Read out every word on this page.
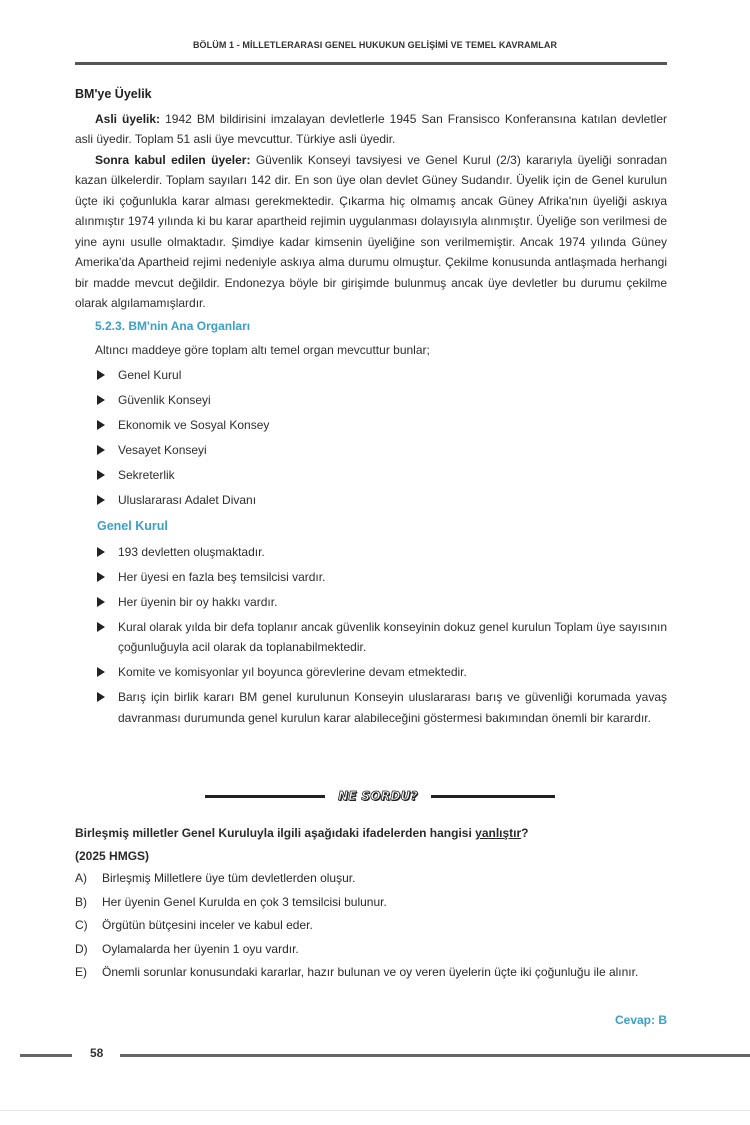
BÖLÜM 1 - MİLLETLERARASI GENEL HUKUKUN GELİŞİMİ VE TEMEL KAVRAMLAR
BM'ye Üyelik

Asli üyelik: 1942 BM bildirisini imzalayan devletlerle 1945 San Fransisco Konferansına katılan devletler asli üyedir. Toplam 51 asli üye mevcuttur. Türkiye asli üyedir.

Sonra kabul edilen üyeler: Güvenlik Konseyi tavsiyesi ve Genel Kurul (2/3) kararıyla üyeliği sonradan kazan ülkelerdir. Toplam sayıları 142 dir. En son üye olan devlet Güney Sudandır. Üyelik için de Genel kurulun üçte iki çoğunlukla karar alması gerekmektedir. Çıkarma hiç olmamış ancak Güney Afrika'nın üyeliği askıya alınmıştır 1974 yılında ki bu karar apartheid rejimin uygulanması dolayısıyla alınmıştır. Üyeliğe son verilmesi de yine aynı usulle olmaktadır. Şimdiye kadar kimsenin üyeliğine son verilmemiştir. Ancak 1974 yılında Güney Amerika'da Apartheid rejimi nedeniyle askıya alma durumu olmuştur. Çekilme konusunda antlaşmada herhangi bir madde mevcut değildir. Endonezya böyle bir girişimde bulunmuş ancak üye devletler bu durumu çekilme olarak algılamamışlardır.

5.2.3. BM'nin Ana Organları
Altıncı maddeye göre toplam altı temel organ mevcuttur bunlar;
Genel Kurul
Güvenlik Konseyi
Ekonomik ve Sosyal Konsey
Vesayet Konseyi
Sekreterlik
Uluslararası Adalet Divanı
Genel Kurul
193 devletten oluşmaktadır.
Her üyesi en fazla beş temsilcisi vardır.
Her üyenin bir oy hakkı vardır.
Kural olarak yılda bir defa toplanır ancak güvenlik konseyinin dokuz genel kurulun Toplam üye sayısının çoğunluğuyla acil olarak da toplanabilmektedir.
Komite ve komisyonlar yıl boyunca görevlerine devam etmektedir.
Barış için birlik kararı BM genel kurulunun Konseyin uluslararası barış ve güvenliği korumada yavaş davranması durumunda genel kurulun karar alabileceğini göstermesi bakımından önemli bir karardır.
NE SORDU?

Birleşmiş milletler Genel Kuruluyla ilgili aşağıdaki ifadelerden hangisi yanlıştır?

(2025 HMGS)

A) Birleşmiş Milletlere üye tüm devletlerden oluşur.
B) Her üyenin Genel Kurulda en çok 3 temsilcisi bulunur.
C) Örgütün bütçesini inceler ve kabul eder.
D) Oylamalarda her üyenin 1 oyu vardır.
E) Önemli sorunlar konusundaki kararlar, hazır bulunan ve oy veren üyelerin üçte iki çoğunluğu ile alınır.
Cevap: B
58
